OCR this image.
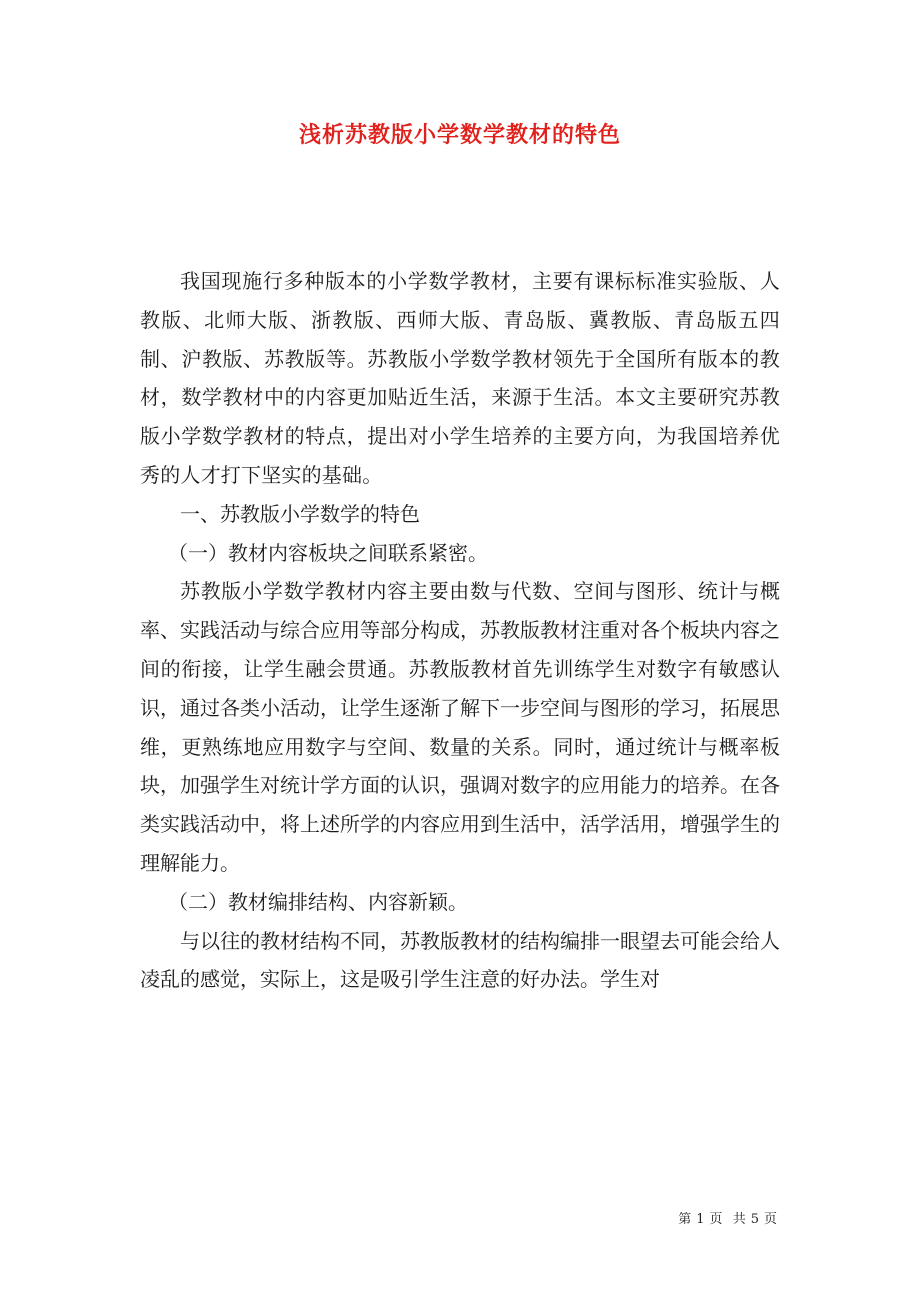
浅析苏教版小学数学教材的特色

我国现施行多种版本的小学数学教材，主要有课标标准实验版、人教版、北师大版、浙教版、西师大版、青岛版、冀教版、青岛版五四制、沪教版、苏教版等。苏教版小学数学教材领先于全国所有版本的教材，数学教材中的内容更加贴近生活，来源于生活。本文主要研究苏教版小学数学教材的特点，提出对小学生培养的主要方向，为我国培养优秀的人才打下坚实的基础。

一、苏教版小学数学的特色

（一）教材内容板块之间联系紧密。

苏教版小学数学教材内容主要由数与代数、空间与图形、统计与概率、实践活动与综合应用等部分构成，苏教版教材注重对各个板块内容之间的衔接，让学生融会贯通。苏教版教材首先训练学生对数字有敏感认识，通过各类小活动，让学生逐渐了解下一步空间与图形的学习，拓展思维，更熟练地应用数字与空间、数量的关系。同时，通过统计与概率板块，加强学生对统计学方面的认识，强调对数字的应用能力的培养。在各类实践活动中，将上述所学的内容应用到生活中，活学活用，增强学生的理解能力。

（二）教材编排结构、内容新颖。

与以往的教材结构不同，苏教版教材的结构编排一眼望去可能会给人凌乱的感觉，实际上，这是吸引学生注意的好办法。学生对

第 1 页 共 5 页
